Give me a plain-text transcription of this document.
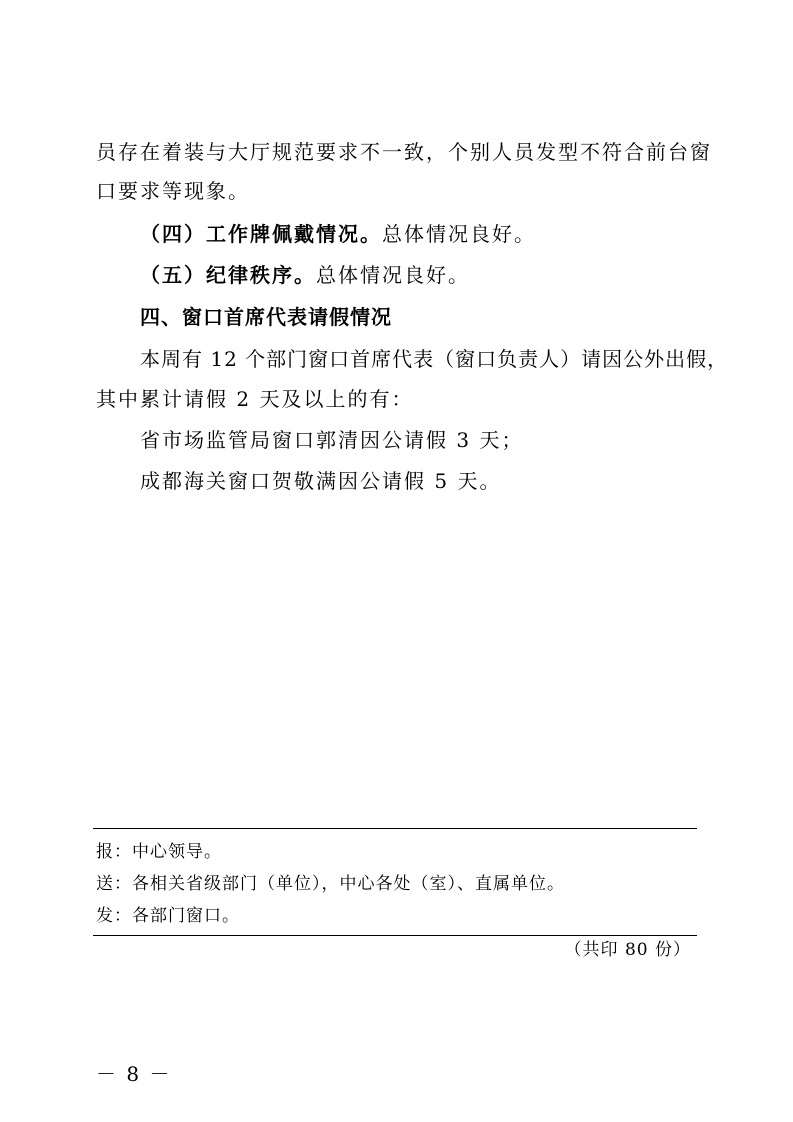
员存在着装与大厅规范要求不一致，个别人员发型不符合前台窗
口要求等现象。
（四）工作牌佩戴情况。总体情况良好。
（五）纪律秩序。总体情况良好。
四、窗口首席代表请假情况
本周有 12 个部门窗口首席代表（窗口负责人）请因公外出假，
其中累计请假 2 天及以上的有：
省市场监管局窗口郭清因公请假 3 天；
成都海关窗口贺敬满因公请假 5 天。
报：中心领导。
送：各相关省级部门（单位），中心各处（室）、直属单位。
发：各部门窗口。
（共印 80 份）
－ 8 －
